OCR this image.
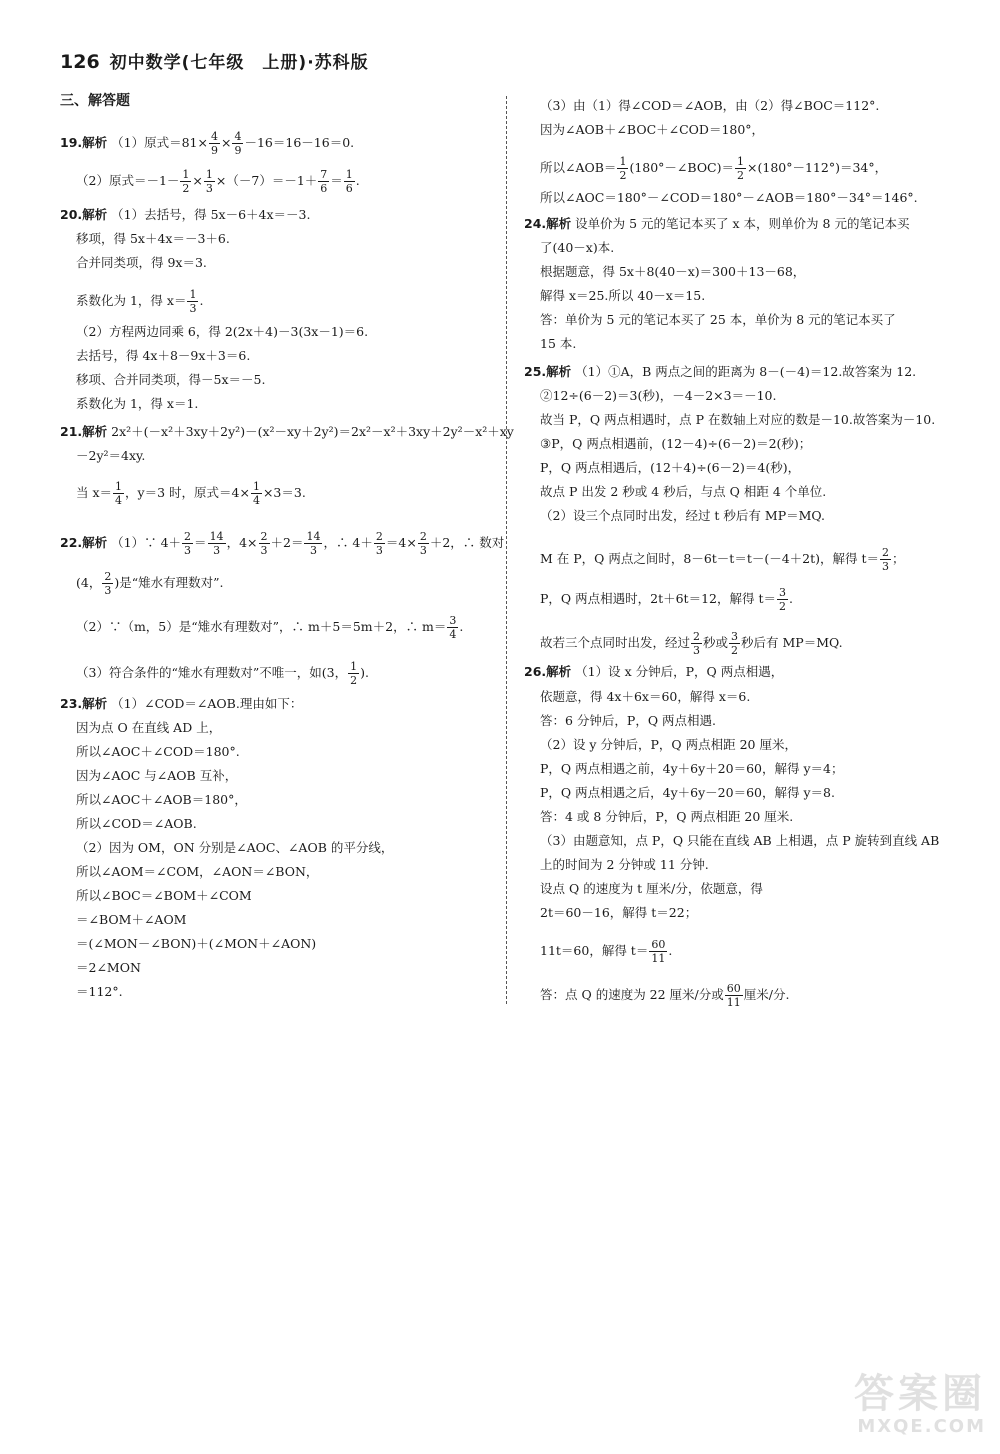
126 初中数学(七年级　上册)·苏科版
三、解答题
19.解析 （1）原式$=81\times \frac{4}{9} \times \frac{4}{9} -16=16-16=0$.
（2）原式$=-1- \frac{1}{2} \times \frac{1}{3} \times(-7)=-1+ \frac{7}{6} = \frac{1}{6}$ .
20.解析 （1）去括号，得 5x－6＋4x＝－3.
移项，得 5x＋4x＝－3＋6.
合并同类项，得 9x＝3.
系数化为 1，得 $x= \frac{1}{3}$ .
（2）方程两边同乘 6，得 2(2x＋4)－3(3x－1)＝6.
去括号，得 4x＋8－9x＋3＝6.
移项、合并同类项，得－5x＝－5.
系数化为 1，得 x＝1.
21.解析 2x²＋(－x²＋3xy＋2y²)－(x²－xy＋2y²)＝2x²－x²＋3xy＋2y²－x²＋xy
－2y²＝4xy.
当 $x= \frac{1}{4}$ ，y＝3 时，原式$=4\times \frac{1}{4} \times 3=3$.
22.解析 （1）∵ $4+ \frac{2}{3} = \frac{14}{3}$ ，$4\times \frac{2}{3} +2= \frac{14}{3}$ ，∴ $4+ \frac{2}{3} =4\times \frac{2}{3} +2$，∴ 数对
(4， $\frac{2}{3}$ )是“雉水有理数对”.
（2）∵（m，5）是“雉水有理数对”，∴ m＋5＝5m＋2，∴ $m= \frac{3}{4}$ .
（3）符合条件的“雉水有理数对”不唯一，如(3， $\frac{1}{2}$ ).
23.解析 （1）∠COD＝∠AOB.理由如下：
因为点 O 在直线 AD 上，
所以∠AOC＋∠COD＝180°.
因为∠AOC 与∠AOB 互补，
所以∠AOC＋∠AOB＝180°，
所以∠COD＝∠AOB.
（2）因为 OM，ON 分别是∠AOC、∠AOB 的平分线，
所以∠AOM＝∠COM，∠AON＝∠BON，
所以∠BOC＝∠BOM＋∠COM
＝∠BOM＋∠AOM
＝(∠MON－∠BON)＋(∠MON＋∠AON)
＝2∠MON
＝112°.
（3）由（1）得∠COD＝∠AOB，由（2）得∠BOC＝112°.
因为∠AOB＋∠BOC＋∠COD＝180°，
所以∠AOB＝ $\frac{1}{2}$ (180°－∠BOC)＝ $\frac{1}{2} \times(180^\circ-112^\circ)=34^\circ$，
所以∠AOC＝180°－∠COD＝180°－∠AOB＝180°－34°＝146°.
24.解析 设单价为 5 元的笔记本买了 x 本，则单价为 8 元的笔记本买
了(40－x)本.
根据题意，得 5x＋8(40－x)＝300＋13－68，
解得 x＝25.所以 40－x＝15.
答：单价为 5 元的笔记本买了 25 本，单价为 8 元的笔记本买了
15 本.
25.解析 （1）①A，B 两点之间的距离为 8－(－4)＝12.故答案为 12.
②12÷(6－2)＝3(秒)，－4－2×3＝－10.
故当 P，Q 两点相遇时，点 P 在数轴上对应的数是－10.故答案为－10.
③P，Q 两点相遇前，(12－4)÷(6－2)＝2(秒)；
P，Q 两点相遇后，(12＋4)÷(6－2)＝4(秒)，
故点 P 出发 2 秒或 4 秒后，与点 Q 相距 4 个单位.
（2）设三个点同时出发，经过 t 秒后有 MP＝MQ.
M 在 P，Q 两点之间时，8－6t－t＝t－(－4＋2t)，解得 $t= \frac{2}{3}$ ；
P，Q 两点相遇时，2t＋6t＝12，解得 $t= \frac{3}{2}$ .
故若三个点同时出发，经过 $\frac{2}{3}$ 秒或 $\frac{3}{2}$ 秒后有 MP＝MQ.
26.解析 （1）设 x 分钟后，P，Q 两点相遇，
依题意，得 4x＋6x＝60，解得 x＝6.
答：6 分钟后，P，Q 两点相遇.
（2）设 y 分钟后，P，Q 两点相距 20 厘米，
P，Q 两点相遇之前，4y＋6y＋20＝60，解得 y＝4；
P，Q 两点相遇之后，4y＋6y－20＝60，解得 y＝8.
答：4 或 8 分钟后，P，Q 两点相距 20 厘米.
（3）由题意知，点 P，Q 只能在直线 AB 上相遇，点 P 旋转到直线 AB
上的时间为 2 分钟或 11 分钟.
设点 Q 的速度为 t 厘米/分，依题意，得
2t＝60－16，解得 t＝22；
11t＝60，解得 $t= \frac{60}{11}$ .
答：点 Q 的速度为 22 厘米/分或 $\frac{60}{11}$ 厘米/分.
答案圈
MXQE.COM
